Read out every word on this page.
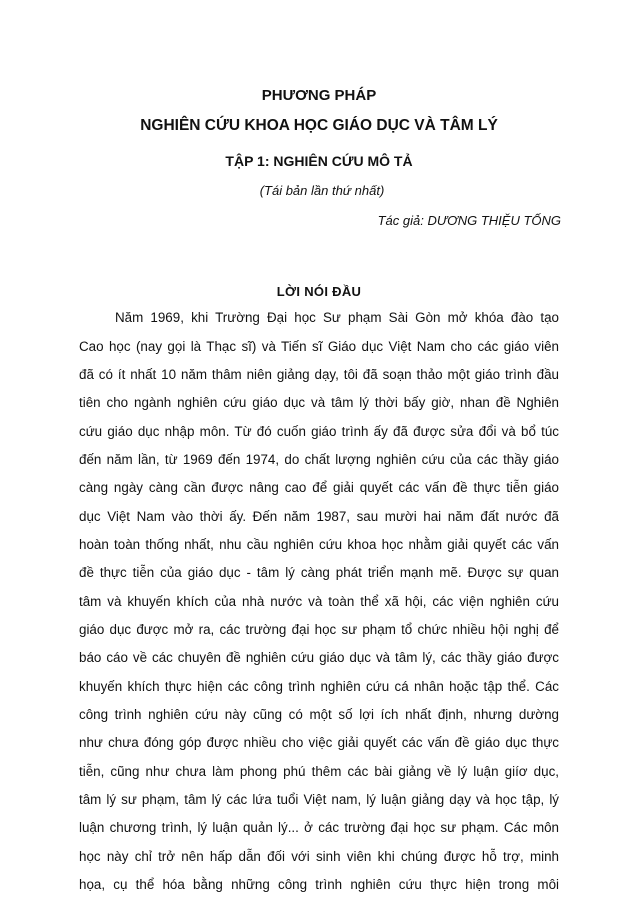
PHƯƠNG PHÁP
NGHIÊN CỨU KHOA HỌC GIÁO DỤC VÀ TÂM LÝ
TẬP 1: NGHIÊN CỨU MÔ TẢ
(Tái bản lần thứ nhất)
Tác giả: DƯƠNG THIỆU TỐNG
LỜI NÓI ĐẦU
Năm 1969, khi Trường Đại học Sư phạm Sài Gòn mở khóa đào tạo
Cao học (nay gọi là Thạc sĩ) và Tiến sĩ Giáo dục Việt Nam cho các giáo viên
đã có ít nhất 10 năm thâm niên giảng dạy, tôi đã soạn thảo một giáo trình đầu
tiên cho ngành nghiên cứu giáo dục và tâm lý thời bấy giờ, nhan đề Nghiên
cứu giáo dục nhập môn. Từ đó cuốn giáo trình ấy đã được sửa đổi và bổ túc
đến năm lần, từ 1969 đến 1974, do chất lượng nghiên cứu của các thầy giáo
càng ngày càng cần được nâng cao để giải quyết các vấn đề thực tiễn giáo
dục Việt Nam vào thời ấy. Đến năm 1987, sau mười hai năm đất nước đã
hoàn toàn thống nhất, nhu cầu nghiên cứu khoa học nhằm giải quyết các vấn
đề thực tiễn của giáo dục - tâm lý càng phát triển mạnh mẽ. Được sự quan
tâm và khuyến khích của nhà nước và toàn thể xã hội, các viện nghiên cứu
giáo dục được mở ra, các trường đại học sư phạm tổ chức nhiều hội nghị để
báo cáo về các chuyên đề nghiên cứu giáo dục và tâm lý, các thầy giáo được
khuyến khích thực hiện các công trình nghiên cứu cá nhân hoặc tập thể. Các
công trình nghiên cứu này cũng có một số lợi ích nhất định, nhưng dường
như chưa đóng góp được nhiều cho việc giải quyết các vấn đề giáo dục thực
tiễn, cũng như chưa làm phong phú thêm các bài giảng về lý luận giíơ dục,
tâm lý sư phạm, tâm lý các lứa tuổi Việt nam, lý luận giảng dạy và học tập, lý
luận chương trình, lý luận quản lý... ở các trường đại học sư phạm. Các môn
học này chỉ trở nên hấp dẫn đối với sinh viên khi chúng được hỗ trợ, minh
họa, cụ thể hóa bằng những công trình nghiên cứu thực hiện trong môi
